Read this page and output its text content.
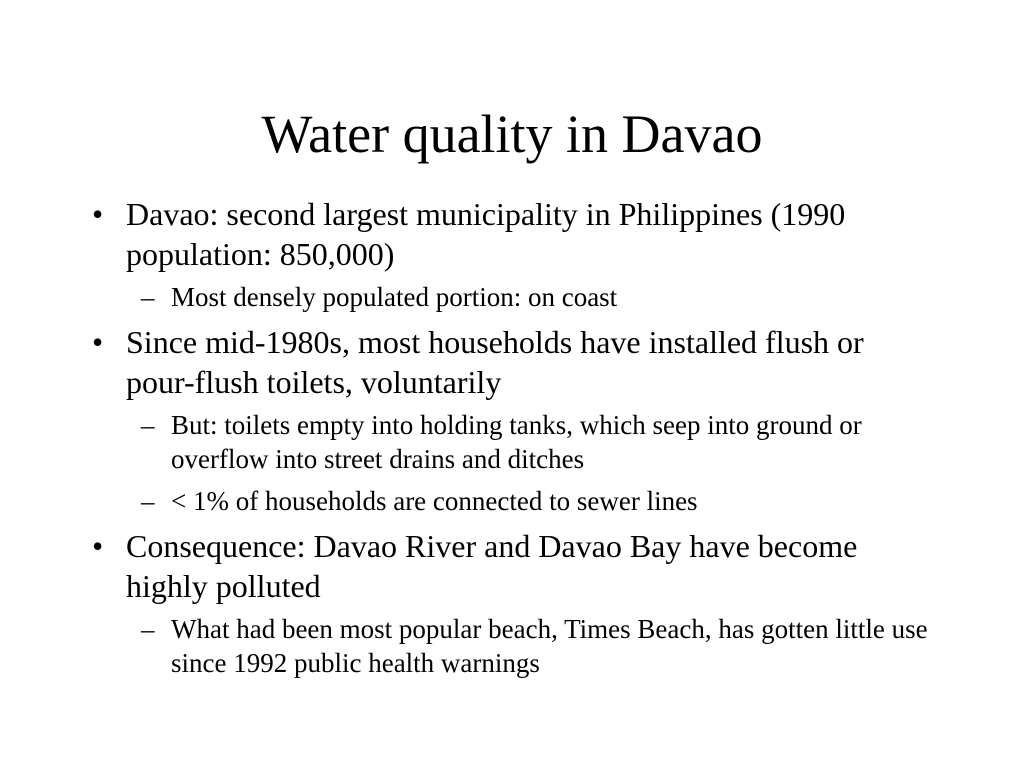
Water quality in Davao
• Davao: second largest municipality in Philippines (1990 population: 850,000)
– Most densely populated portion: on coast
• Since mid-1980s, most households have installed flush or pour-flush toilets, voluntarily
– But: toilets empty into holding tanks, which seep into ground or overflow into street drains and ditches
– < 1% of households are connected to sewer lines
• Consequence: Davao River and Davao Bay have become highly polluted
– What had been most popular beach, Times Beach, has gotten little use since 1992 public health warnings
